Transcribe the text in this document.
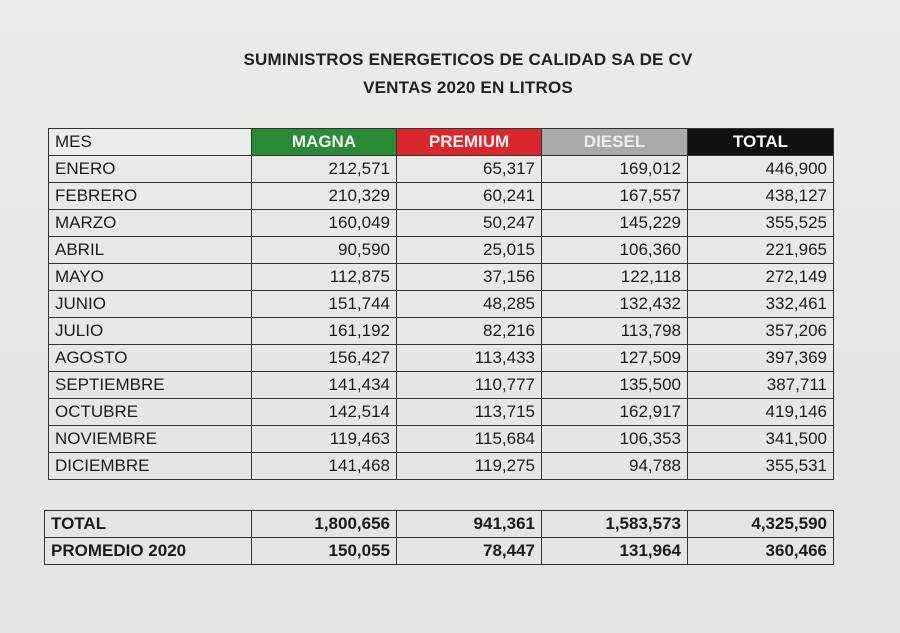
SUMINISTROS ENERGETICOS DE CALIDAD SA DE CV
VENTAS 2020 EN LITROS
MES	MAGNA	PREMIUM	DIESEL	TOTAL
ENERO	212,571	65,317	169,012	446,900
FEBRERO	210,329	60,241	167,557	438,127
MARZO	160,049	50,247	145,229	355,525
ABRIL	90,590	25,015	106,360	221,965
MAYO	112,875	37,156	122,118	272,149
JUNIO	151,744	48,285	132,432	332,461
JULIO	161,192	82,216	113,798	357,206
AGOSTO	156,427	113,433	127,509	397,369
SEPTIEMBRE	141,434	110,777	135,500	387,711
OCTUBRE	142,514	113,715	162,917	419,146
NOVIEMBRE	119,463	115,684	106,353	341,500
DICIEMBRE	141,468	119,275	94,788	355,531
TOTAL	1,800,656	941,361	1,583,573	4,325,590
PROMEDIO 2020	150,055	78,447	131,964	360,466
